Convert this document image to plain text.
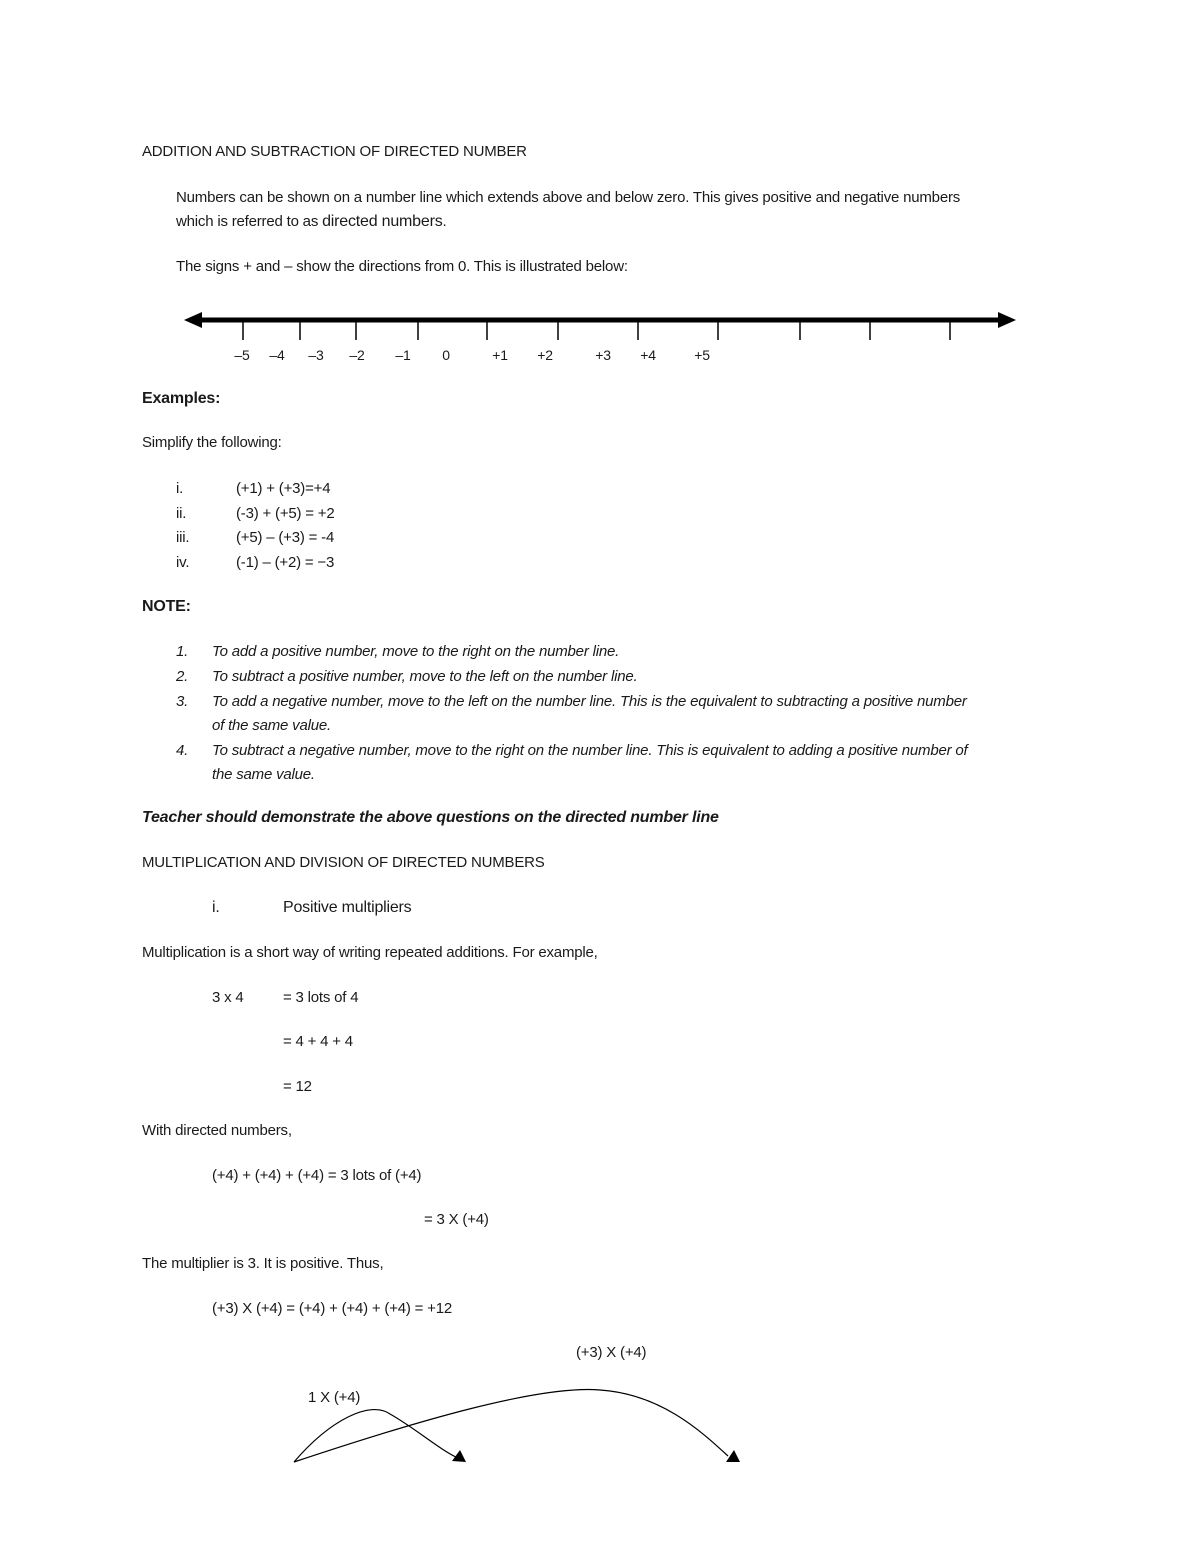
ADDITION AND SUBTRACTION OF DIRECTED NUMBER
Numbers can be shown on a number line which extends above and below zero. This gives positive and negative numbers
which is referred to as directed numbers.
The signs + and – show the directions from 0. This is illustrated below:
–5 –4 –3 –2 –1	0	+1 +2	+3 +4	+5
Examples:
Simplify the following:
i.	(+1) + (+3)=+4
ii.	(-3) + (+5) = +2
iii.	(+5) – (+3) = -4
iv.	(-1) – (+2) = −3
NOTE:
1. To add a positive number, move to the right on the number line.
2. To subtract a positive number, move to the left on the number line.
3. To add a negative number, move to the left on the number line. This is the equivalent to subtracting a positive number
of the same value.
4. To subtract a negative number, move to the right on the number line. This is equivalent to adding a positive number of
the same value.
Teacher should demonstrate the above questions on the directed number line
MULTIPLICATION AND DIVISION OF DIRECTED NUMBERS
i.	Positive multipliers
Multiplication is a short way of writing repeated additions. For example,
3 x 4	= 3 lots of 4
= 4 + 4 + 4
= 12
With directed numbers,
(+4) + (+4) + (+4) = 3 lots of (+4)
= 3 X (+4)
The multiplier is 3. It is positive. Thus,
(+3) X (+4) = (+4) + (+4) + (+4) = +12
(+3) X (+4)
1 X (+4)
